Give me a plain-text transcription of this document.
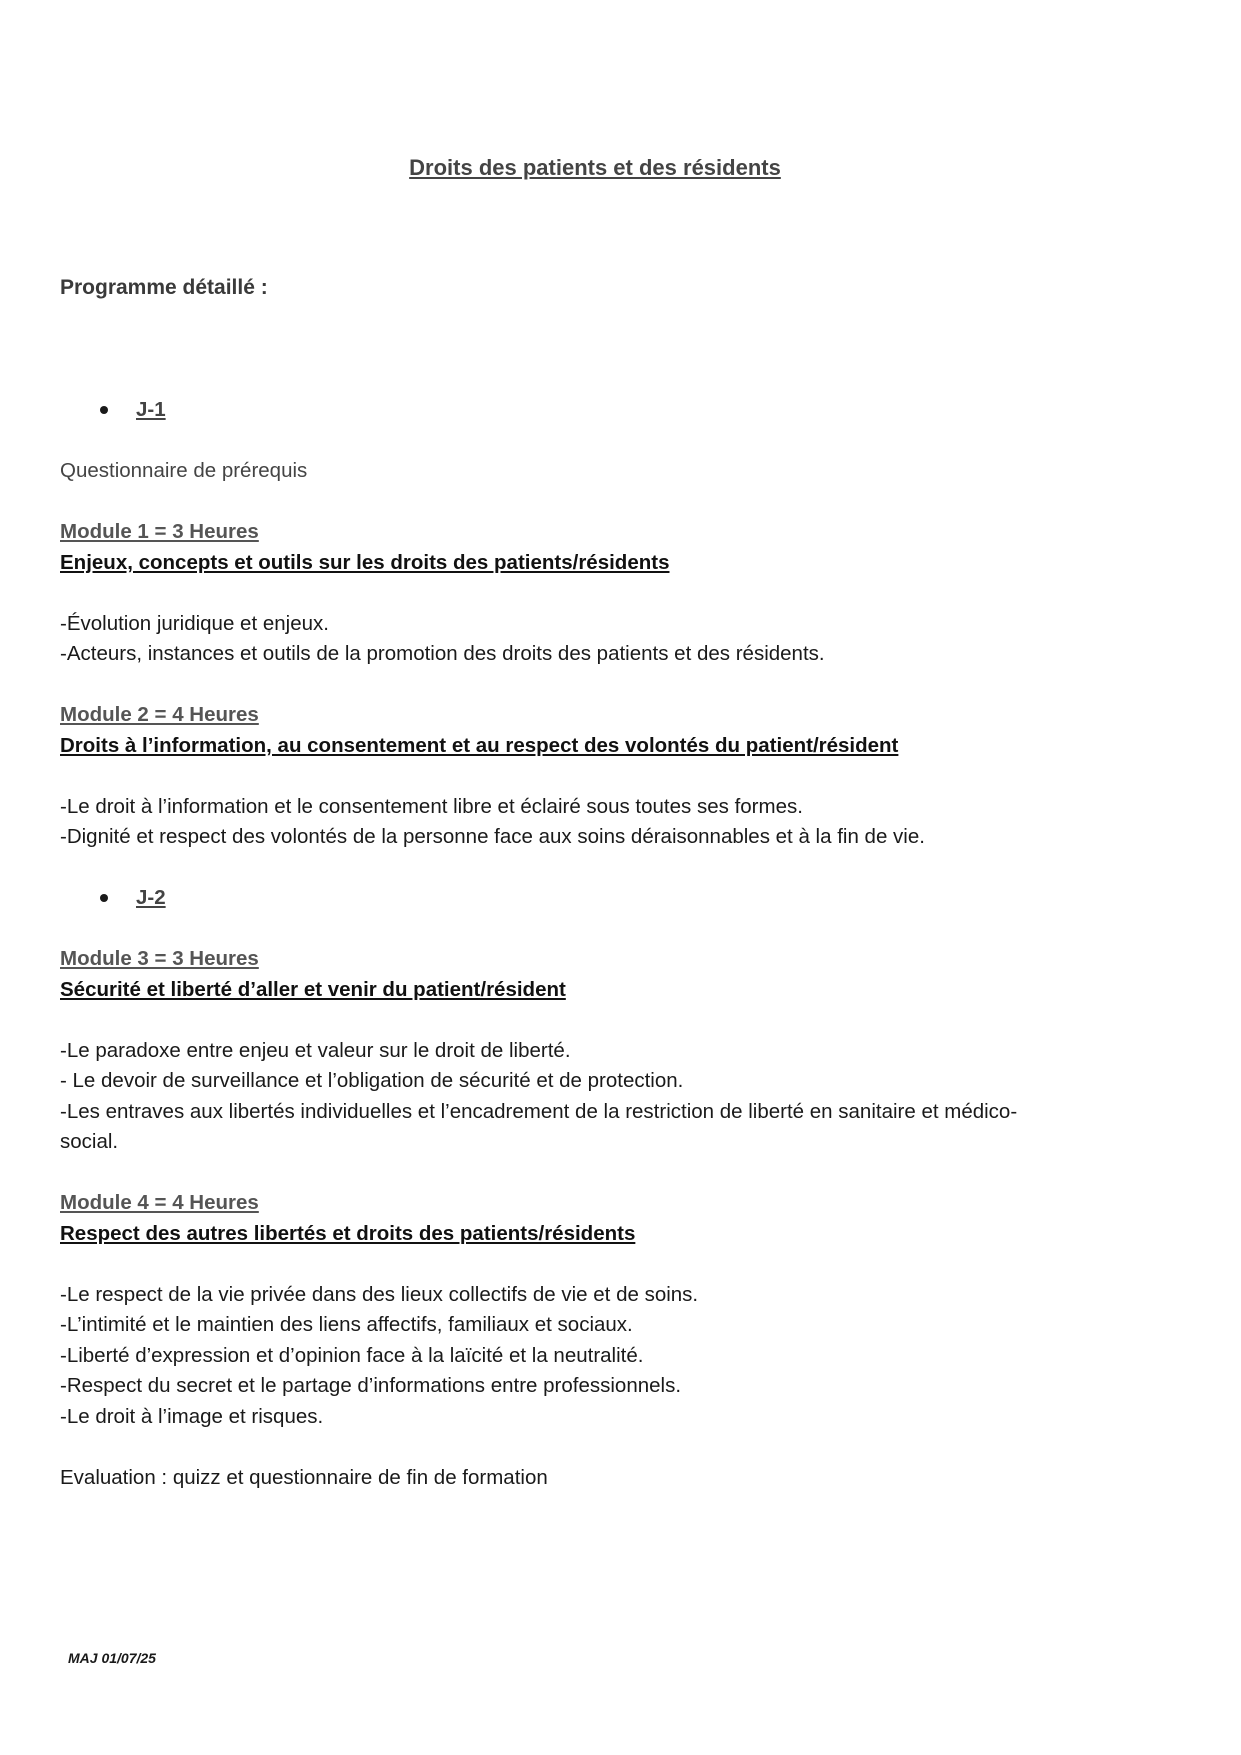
Droits des patients et des résidents
Programme détaillé :
J-1

Questionnaire de prérequis

Module 1 = 3 Heures

Enjeux, concepts et outils sur les droits des patients/résidents

-Évolution juridique et enjeux.

-Acteurs, instances et outils de la promotion des droits des patients et des résidents.

Module 2 = 4 Heures

Droits à l’information, au consentement et au respect des volontés du patient/résident

-Le droit à l’information et le consentement libre et éclairé sous toutes ses formes.

-Dignité et respect des volontés de la personne face aux soins déraisonnables et à la fin de vie.

J-2

Module 3 = 3 Heures

Sécurité et liberté d’aller et venir du patient/résident

-Le paradoxe entre enjeu et valeur sur le droit de liberté.

- Le devoir de surveillance et l’obligation de sécurité et de protection.

-Les entraves aux libertés individuelles et l’encadrement de la restriction de liberté en sanitaire et médico-social.

Module 4 = 4 Heures

Respect des autres libertés et droits des patients/résidents

-Le respect de la vie privée dans des lieux collectifs de vie et de soins.

-L’intimité et le maintien des liens affectifs, familiaux et sociaux.

-Liberté d’expression et d’opinion face à la laïcité et la neutralité.

-Respect du secret et le partage d’informations entre professionnels.

-Le droit à l’image et risques.

Evaluation : quizz et questionnaire de fin de formation

MAJ 01/07/25
